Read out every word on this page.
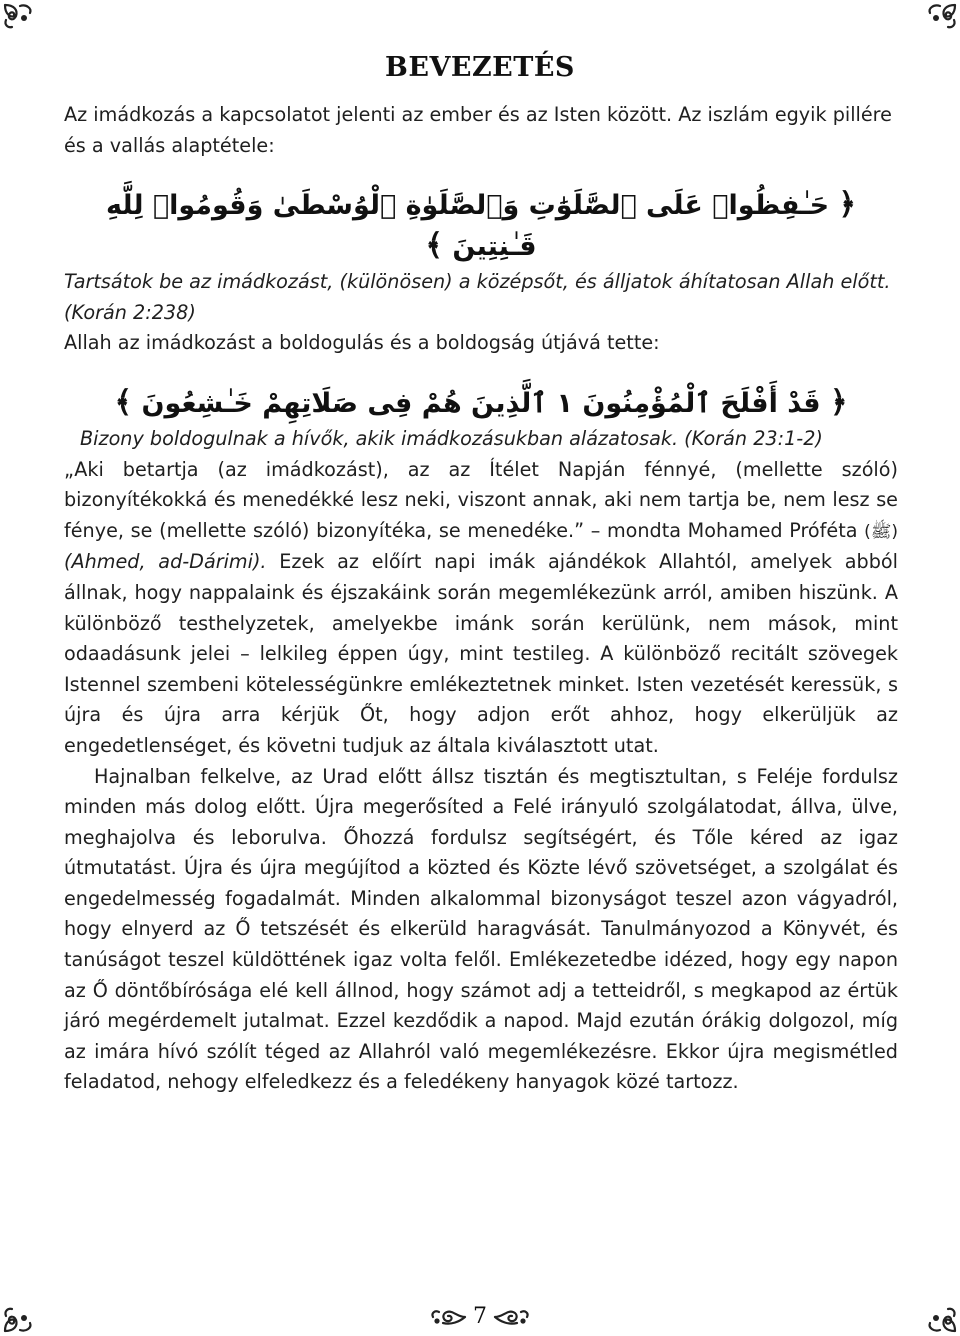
BEVEZETÉS

Az imádkozás a kapcsolatot jelenti az ember és az Isten között. Az iszlám egyik pillére és a vallás alaptétele:

﴿ حَـٰفِظُوا۟ عَلَى ٱلصَّلَوَٰتِ وَٱلصَّلَوٰةِ ٱلْوُسْطَىٰ وَقُومُوا۟ لِلَّهِ قَـٰنِتِينَ ﴾

Tartsátok be az imádkozást, (különösen) a középsőt, és álljatok áhítatosan Allah előtt. (Korán 2:238)

Allah az imádkozást a boldogulás és a boldogság útjává tette:

﴿ قَدْ أَفْلَحَ ٱلْمُؤْمِنُونَ ١ ٱلَّذِينَ هُمْ فِى صَلَاتِهِمْ خَـٰشِعُونَ ﴾

Bizony boldogulnak a hívők, akik imádkozásukban alázatosak. (Korán 23:1-2)

„Aki betartja (az imádkozást), az az Ítélet Napján fénnyé, (mellette szóló) bizonyítékokká és menedékké lesz neki, viszont annak, aki nem tartja be, nem lesz se fénye, se (mellette szóló) bizonyítéka, se menedéke.” – mondta Mohamed Próféta (ﷺ) (Ahmed, ad-Dárimi). Ezek az előírt napi imák ajándékok Allahtól, amelyek abból állnak, hogy nappalaink és éjszakáink során megemlékezünk arról, amiben hiszünk. A különböző testhelyzetek, amelyekbe imánk során kerülünk, nem mások, mint odaadásunk jelei – lelkileg éppen úgy, mint testileg. A különböző recitált szövegek Istennel szembeni kötelességünkre emlékeztetnek minket. Isten vezetését keressük, s újra és újra arra kérjük Őt, hogy adjon erőt ahhoz, hogy elkerüljük az engedetlenséget, és követni tudjuk az általa kiválasztott utat.

Hajnalban felkelve, az Urad előtt állsz tisztán és megtisztultan, s Feléje fordulsz minden más dolog előtt. Újra megerősíted a Felé irányuló szolgálatodat, állva, ülve, meghajolva és leborulva. Őhozzá fordulsz segítségért, és Tőle kéred az igaz útmutatást. Újra és újra megújítod a közted és Közte lévő szövetséget, a szolgálat és engedelmesség fogadalmát. Minden alkalommal bizonyságot teszel azon vágyadról, hogy elnyerd az Ő tetszését és elkerüld haragvását. Tanulmányozod a Könyvét, és tanúságot teszel küldöttének igaz volta felől. Emlékezetedbe idézed, hogy egy napon az Ő döntőbírósága elé kell állnod, hogy számot adj a tetteidről, s megkapod az értük járó megérdemelt jutalmat. Ezzel kezdődik a napod. Majd ezután órákig dolgozol, míg az imára hívó szólít téged az Allahról való megemlékezésre. Ekkor újra megismétled feladatod, nehogy elfeledkezz és a feledékeny hanyagok közé tartozz.

7
